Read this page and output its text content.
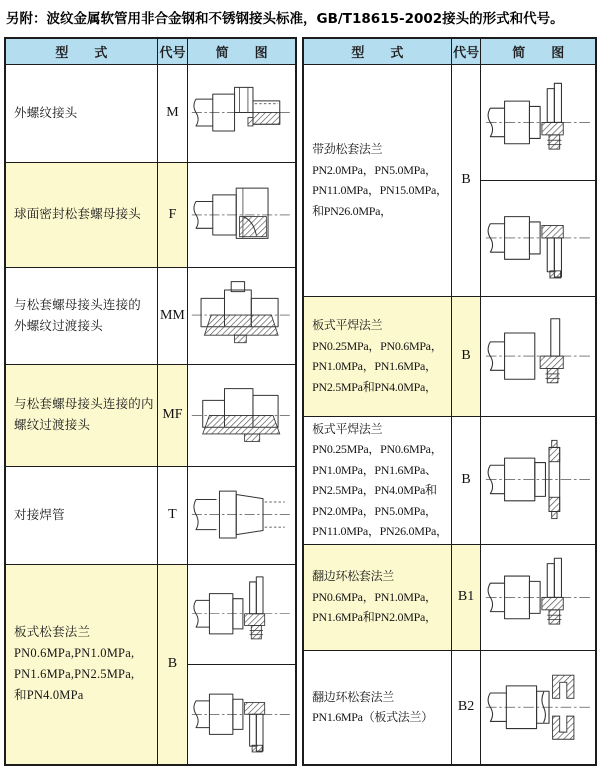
另附：波纹金属软管用非合金钢和不锈钢接头标准，GB/T18615-2002接头的形式和代号。
型　　式	代号	简　　图

外螺纹接头	M	

球面密封松套螺母接头	F	

与松套螺母接头连接的
外螺纹过渡接头	MM	

与松套螺母接头连接的内
螺纹过渡接头	MF	

对接焊管	T	

板式松套法兰
PN0.6MPa,PN1.0MPa,
PN1.6MPa,PN2.5MPa,
和PN4.0MPa	B	
型　　式	代号	简　　图

带劲松套法兰
PN2.0MPa，PN5.0MPa，
PN11.0MPa，PN15.0MPa，
和PN26.0MPa，	B	

板式平焊法兰
PN0.25MPa，PN0.6MPa，
PN1.0MPa，PN1.6MPa，
PN2.5MPa和PN4.0MPa，	B	

板式平焊法兰
PN0.25MPa，PN0.6MPa，
PN1.0MPa，PN1.6MPa、
PN2.5MPa，PN4.0MPa和
PN2.0MPa，PN5.0MPa，
PN11.0MPa，PN26.0MPa，
	B	

翻边环松套法兰
PN0.6MPa，PN1.0MPa，
PN1.6MPa和PN2.0MPa，	B1	

翻边环松套法兰
PN1.6MPa（板式法兰）	B2	
